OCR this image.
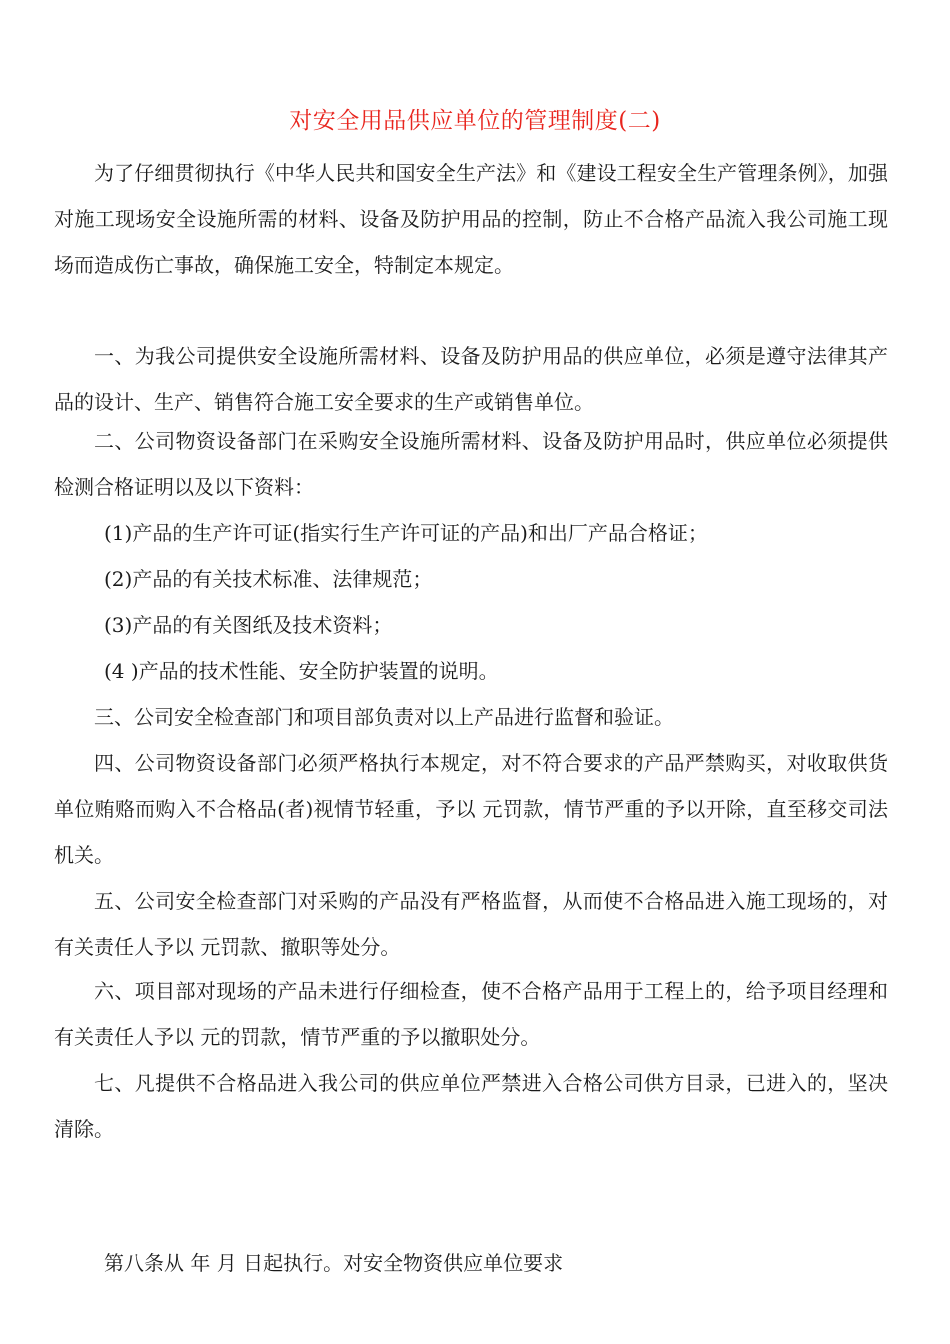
对安全用品供应单位的管理制度(二)

为了仔细贯彻执行《中华人民共和国安全生产法》和《建设工程安全生产管理条例》，加强对施工现场安全设施所需的材料、设备及防护用品的控制，防止不合格产品流入我公司施工现场而造成伤亡事故，确保施工安全，特制定本规定。

一、为我公司提供安全设施所需材料、设备及防护用品的供应单位，必须是遵守法律其产品的设计、生产、销售符合施工安全要求的生产或销售单位。

二、公司物资设备部门在采购安全设施所需材料、设备及防护用品时，供应单位必须提供检测合格证明以及以下资料：

(1)产品的生产许可证(指实行生产许可证的产品)和出厂产品合格证；

(2)产品的有关技术标准、法律规范；

(3)产品的有关图纸及技术资料；

(4 )产品的技术性能、安全防护装置的说明。

三、公司安全检查部门和项目部负责对以上产品进行监督和验证。

四、公司物资设备部门必须严格执行本规定，对不符合要求的产品严禁购买，对收取供货单位贿赂而购入不合格品(者)视情节轻重，予以 元罚款，情节严重的予以开除，直至移交司法机关。

五、公司安全检查部门对采购的产品没有严格监督，从而使不合格品进入施工现场的，对有关责任人予以 元罚款、撤职等处分。

六、项目部对现场的产品未进行仔细检查，使不合格产品用于工程上的，给予项目经理和有关责任人予以 元的罚款，情节严重的予以撤职处分。

七、凡提供不合格品进入我公司的供应单位严禁进入合格公司供方目录，已进入的，坚决清除。

第八条从 年 月 日起执行。对安全物资供应单位要求
